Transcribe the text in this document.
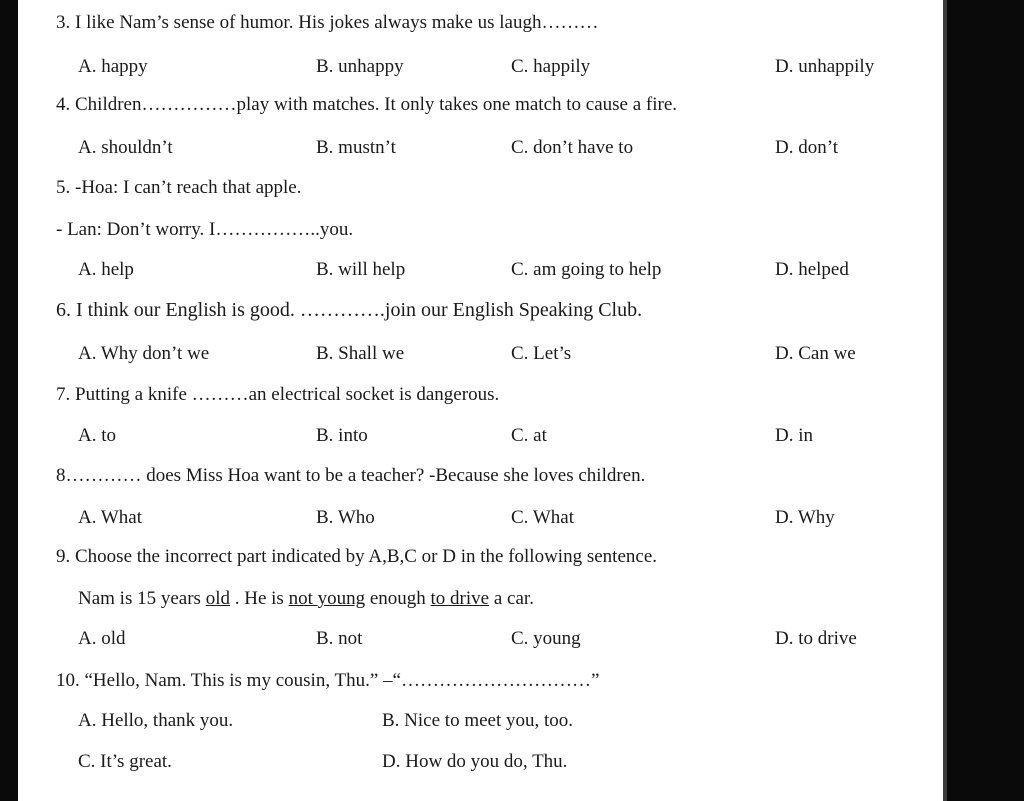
3. I like Nam’s sense of humor. His jokes always make us laugh………
A. happy	B. unhappy	C. happily	D. unhappily
4. Children……………play with matches. It only takes one match to cause a fire.
A. shouldn’t	B. mustn’t	C. don’t have to	D. don’t
5. -Hoa: I can’t reach that apple.
- Lan: Don’t worry. I……………..you.
A. help	B. will help	C. am going to help	D. helped
6. I think our English is good. ………….join our English Speaking Club.
A. Why don’t we	B. Shall we	C. Let’s	D. Can we
7. Putting a knife ………an electrical socket is dangerous.
A. to	B. into	C. at	D. in
8………… does Miss Hoa want to be a teacher? -Because she loves children.
A. What	B. Who	C. What	D. Why
9. Choose the incorrect part indicated by A,B,C or D in the following sentence.
Nam is 15 years old . He is not young enough to drive a car.
A. old	B. not	C. young	D. to drive
10. “Hello, Nam. This is my cousin, Thu.” –“…………………………”
A. Hello, thank you.	B. Nice to meet you, too.
C. It’s great.	D. How do you do, Thu.
